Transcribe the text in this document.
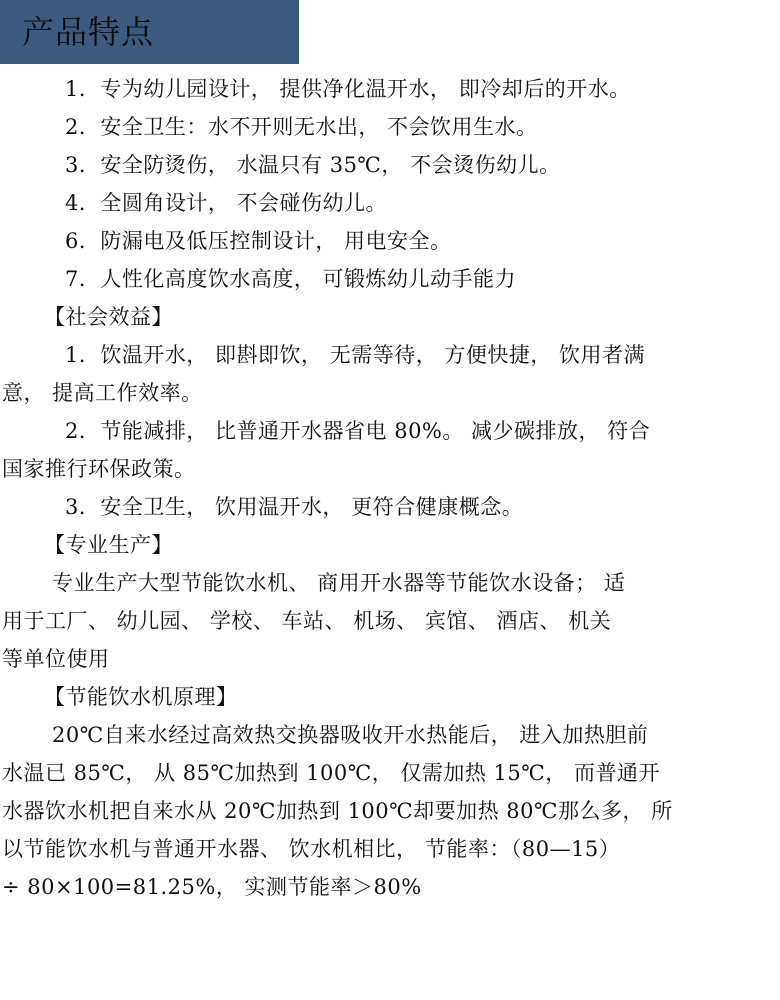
产品特点
1．专为幼儿园设计， 提供净化温开水， 即冷却后的开水。
2．安全卫生：水不开则无水出， 不会饮用生水。
3．安全防烫伤， 水温只有 35℃， 不会烫伤幼儿。
4．全圆角设计， 不会碰伤幼儿。
6．防漏电及低压控制设计， 用电安全。
7．人性化高度饮水高度， 可锻炼幼儿动手能力
【社会效益】
1．饮温开水， 即斟即饮， 无需等待， 方便快捷， 饮用者满
意， 提高工作效率。
2．节能减排， 比普通开水器省电 80%。 减少碳排放， 符合
国家推行环保政策。
3．安全卫生， 饮用温开水， 更符合健康概念。
【专业生产】
专业生产大型节能饮水机、 商用开水器等节能饮水设备； 适
用于工厂、 幼儿园、 学校、 车站、 机场、 宾馆、 酒店、 机关
等单位使用
【节能饮水机原理】
20℃自来水经过高效热交换器吸收开水热能后， 进入加热胆前
水温已 85℃， 从 85℃加热到 100℃， 仅需加热 15℃， 而普通开
水器饮水机把自来水从 20℃加热到 100℃却要加热 80℃那么多， 所
以节能饮水机与普通开水器、 饮水机相比， 节能率：（80—15）
÷ 80×100=81.25%， 实测节能率＞80%
